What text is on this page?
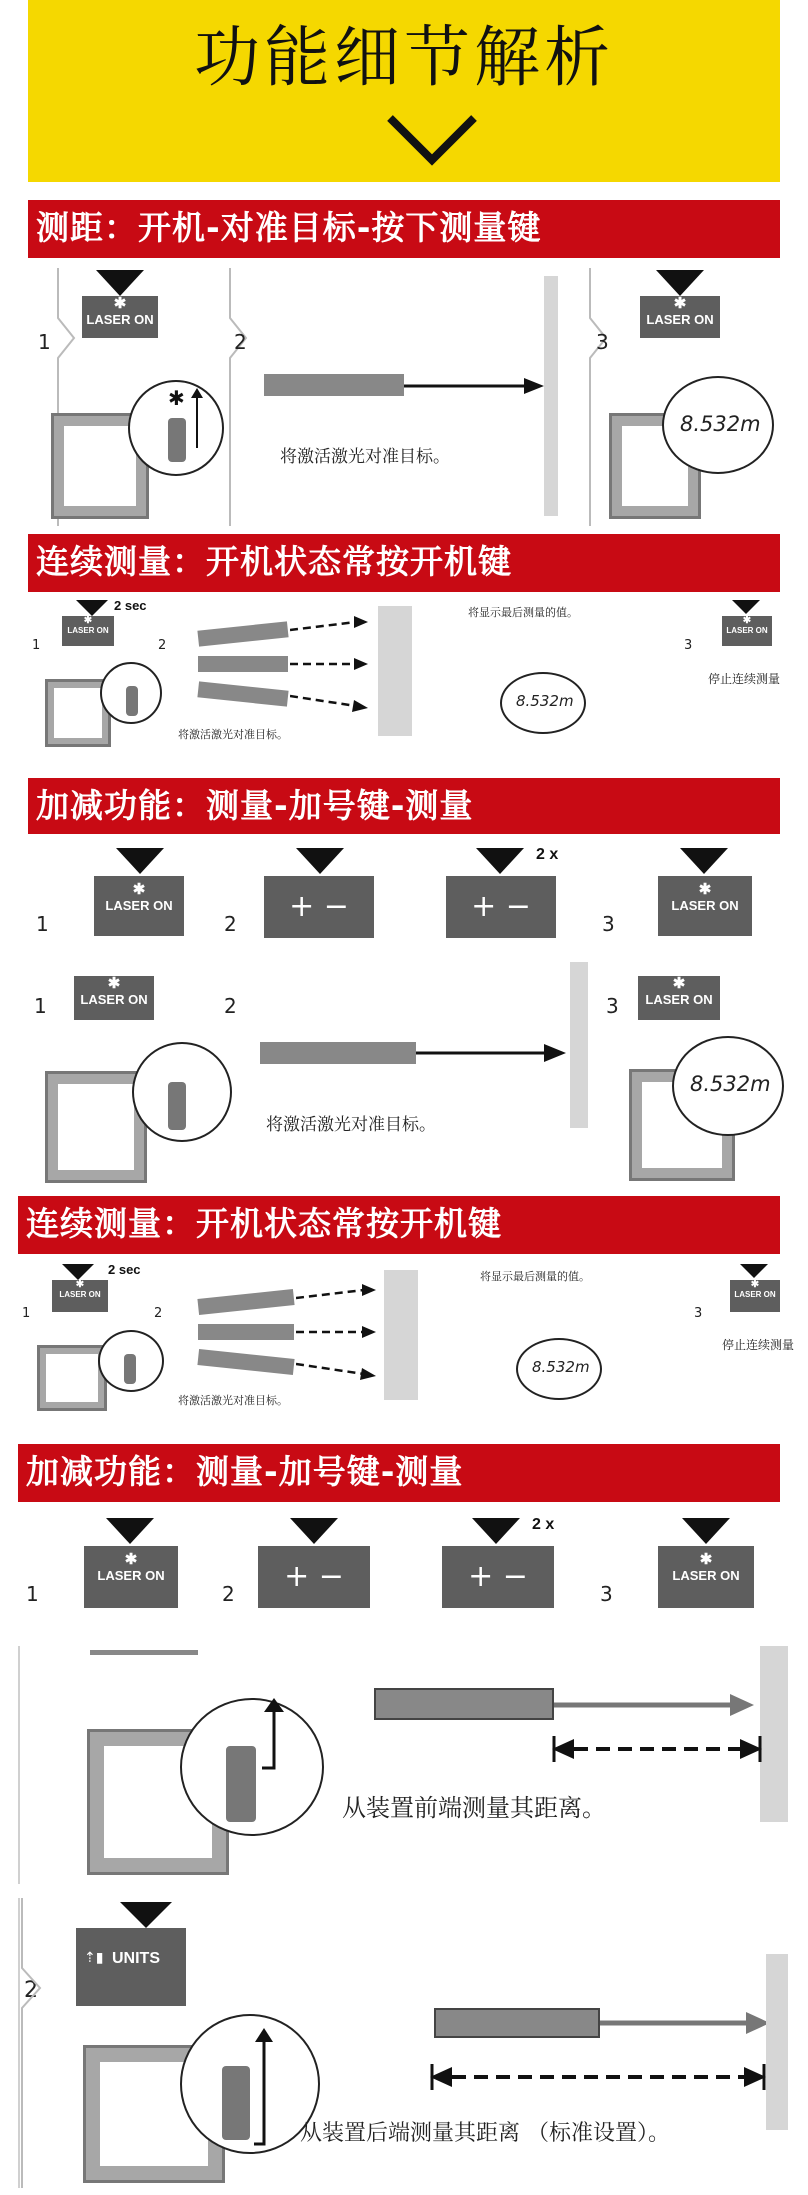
功能细节解析
测距：开机-对准目标-按下测量键
1
✱
LASER ON
✱
2
将激活激光对准目标。
3
✱
LASER ON
8.532m
连续测量：开机状态常按开机键
1
2 sec
✱
LASER ON
2
将激活激光对准目标。
将显示最后测量的值。
8.532m
3
✱
LASER ON
停止连续测量
加减功能：测量-加号键-测量
1
✱
LASER ON
2	+ −
2 x
+ −	3
✱
LASER ON
1
✱
LASER ON	2
将激活激光对准目标。
3
✱
LASER ON
8.532m
连续测量：开机状态常按开机键
1
2 sec
✱
LASER ON
2
将激活激光对准目标。
将显示最后测量的值。
8.532m
3
✱
LASER ON
停止连续测量
加减功能：测量-加号键-测量
1
✱
LASER ON
2	+ −
2 x
+ −	3
✱
LASER ON
从装置前端测量其距离。
2
⇡▮ UNITS
从装置后端测量其距离 （标准设置）。
